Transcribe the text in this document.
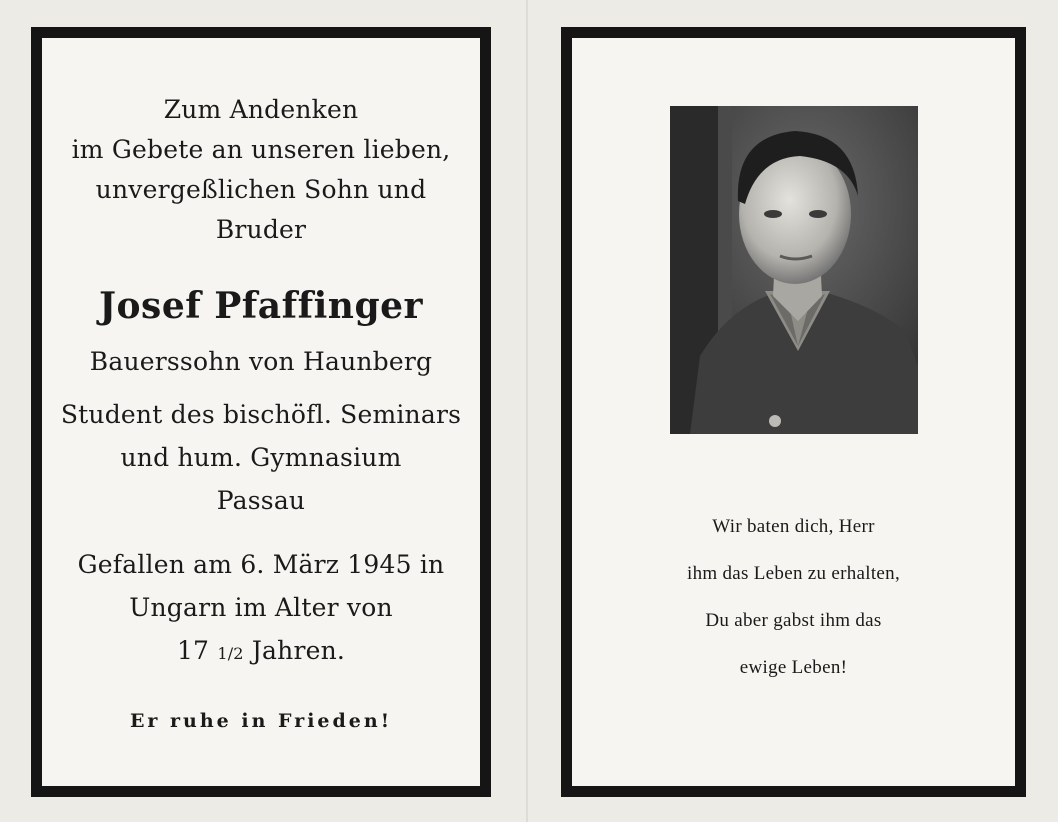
Zum Andenken
im Gebete an unseren lieben,
unvergeßlichen Sohn und
Bruder
Josef Pfaffinger
Bauerssohn von Haunberg
Student des bischöfl. Seminars
und hum. Gymnasium
Passau
Gefallen am 6. März 1945 in
Ungarn im Alter von
17 1/2 Jahren.
Er ruhe in Frieden!
Wir baten dich, Herr
ihm das Leben zu erhalten,
Du aber gabst ihm das
ewige Leben!
